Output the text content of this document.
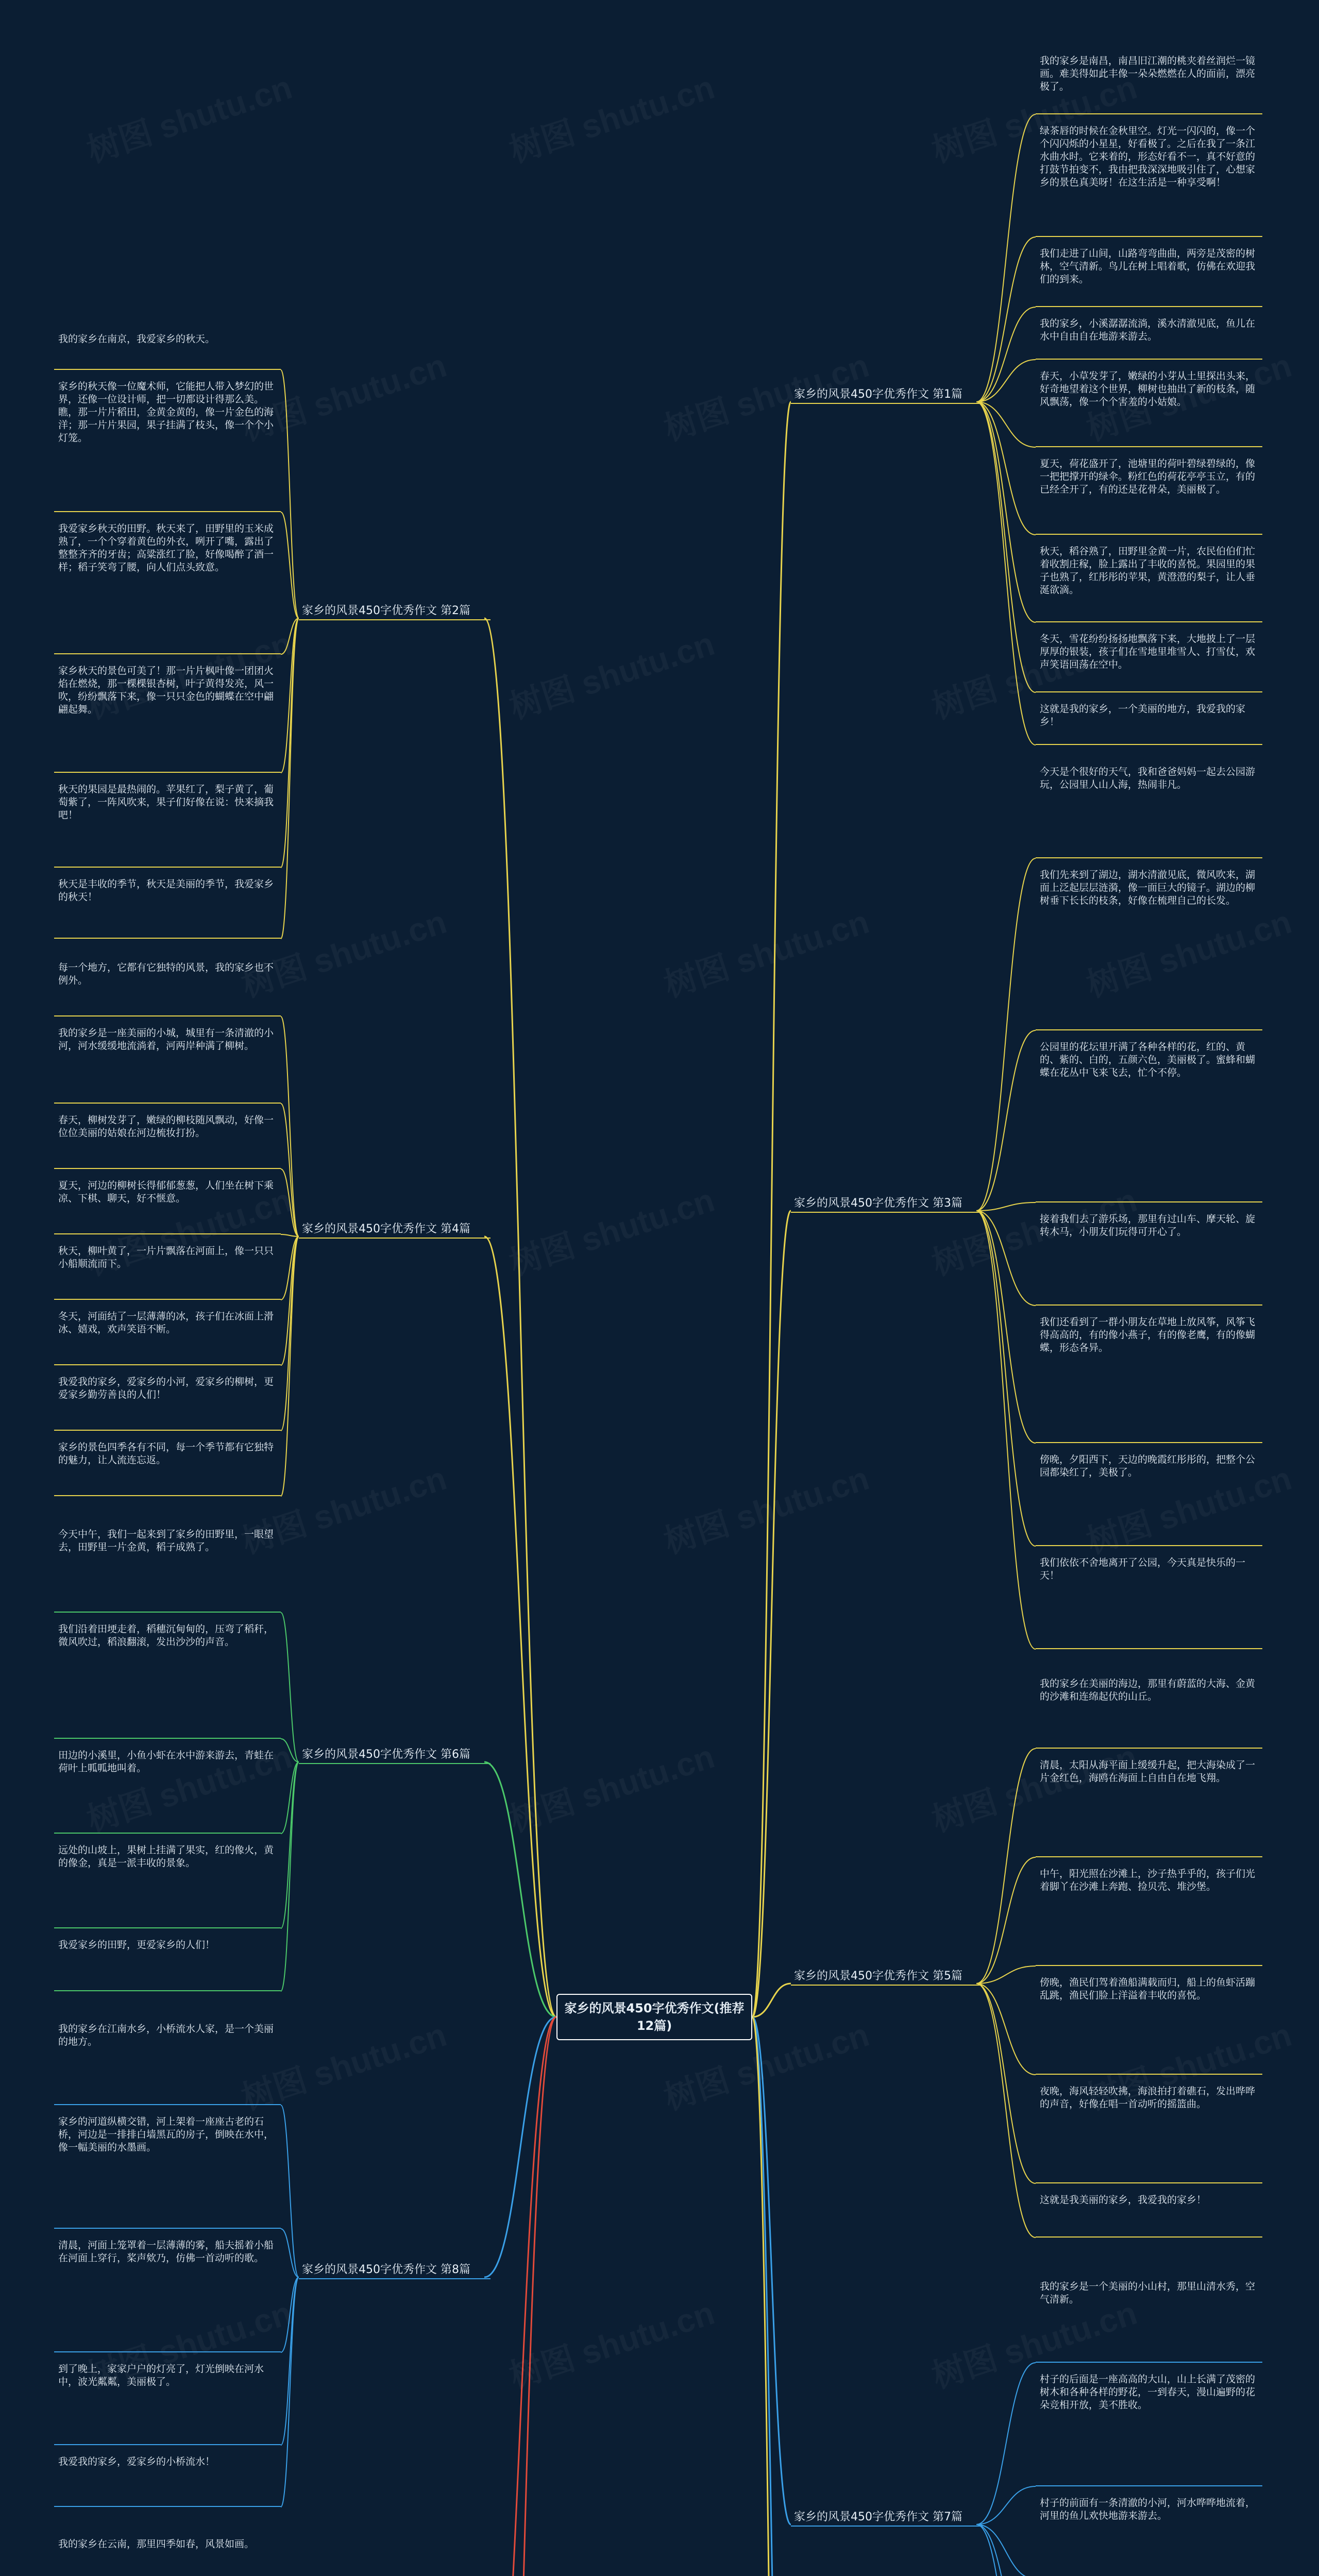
家乡的风景450字优秀作文(推荐12篇)
家乡的风景450字优秀作文 第1篇
我的家乡是南昌，南昌旧江潮的桃夹着丝润烂一镜画。难美得如此丰像一朵朵燃燃在人的面前，漂亮极了。
绿茶唇的时候在金秋里空。灯光一闪闪的，像一个个闪闪烁的小星星，好看极了。之后在我了一条江水曲水时。它来着的，形态好看不一，真不好意的打鼓节拍变不，我由把我深深地吸引住了，心想家乡的景色真美呀！在这生活是一种享受啊！
我们走进了山间，山路弯弯曲曲，两旁是茂密的树林，空气清新。鸟儿在树上唱着歌，仿佛在欢迎我们的到来。
我的家乡，小溪潺潺流淌，溪水清澈见底，鱼儿在水中自由自在地游来游去。
春天，小草发芽了，嫩绿的小芽从土里探出头来，好奇地望着这个世界，柳树也抽出了新的枝条，随风飘荡，像一个个害羞的小姑娘。
夏天，荷花盛开了，池塘里的荷叶碧绿碧绿的，像一把把撑开的绿伞。粉红色的荷花亭亭玉立，有的已经全开了，有的还是花骨朵，美丽极了。
秋天，稻谷熟了，田野里金黄一片，农民伯伯们忙着收割庄稼，脸上露出了丰收的喜悦。果园里的果子也熟了，红彤彤的苹果，黄澄澄的梨子，让人垂涎欲滴。
冬天，雪花纷纷扬扬地飘落下来，大地披上了一层厚厚的银装，孩子们在雪地里堆雪人、打雪仗，欢声笑语回荡在空中。
这就是我的家乡，一个美丽的地方，我爱我的家乡！
家乡的风景450字优秀作文 第2篇
我的家乡在南京，我爱家乡的秋天。
家乡的秋天像一位魔术师，它能把人带入梦幻的世界，还像一位设计师，把一切都设计得那么美。瞧，那一片片稻田，金黄金黄的，像一片金色的海洋；那一片片果园，果子挂满了枝头，像一个个小灯笼。
我爱家乡秋天的田野。秋天来了，田野里的玉米成熟了，一个个穿着黄色的外衣，咧开了嘴，露出了整整齐齐的牙齿；高粱涨红了脸，好像喝醉了酒一样；稻子笑弯了腰，向人们点头致意。
家乡秋天的景色可美了！那一片片枫叶像一团团火焰在燃烧，那一棵棵银杏树，叶子黄得发亮，风一吹，纷纷飘落下来，像一只只金色的蝴蝶在空中翩翩起舞。
秋天的果园是最热闹的。苹果红了，梨子黄了，葡萄紫了，一阵风吹来，果子们好像在说：快来摘我吧！
秋天是丰收的季节，秋天是美丽的季节，我爱家乡的秋天！
家乡的风景450字优秀作文 第3篇
今天是个很好的天气，我和爸爸妈妈一起去公园游玩，公园里人山人海，热闹非凡。
我们先来到了湖边，湖水清澈见底，微风吹来，湖面上泛起层层涟漪，像一面巨大的镜子。湖边的柳树垂下长长的枝条，好像在梳理自己的长发。
公园里的花坛里开满了各种各样的花，红的、黄的、紫的、白的，五颜六色，美丽极了。蜜蜂和蝴蝶在花丛中飞来飞去，忙个不停。
接着我们去了游乐场，那里有过山车、摩天轮、旋转木马，小朋友们玩得可开心了。
我们还看到了一群小朋友在草地上放风筝，风筝飞得高高的，有的像小燕子，有的像老鹰，有的像蝴蝶，形态各异。
傍晚，夕阳西下，天边的晚霞红彤彤的，把整个公园都染红了，美极了。
我们依依不舍地离开了公园，今天真是快乐的一天！
家乡的风景450字优秀作文 第4篇
每一个地方，它都有它独特的风景，我的家乡也不例外。
我的家乡是一座美丽的小城，城里有一条清澈的小河，河水缓缓地流淌着，河两岸种满了柳树。
春天，柳树发芽了，嫩绿的柳枝随风飘动，好像一位位美丽的姑娘在河边梳妆打扮。
夏天，河边的柳树长得郁郁葱葱，人们坐在树下乘凉、下棋、聊天，好不惬意。
秋天，柳叶黄了，一片片飘落在河面上，像一只只小船顺流而下。
冬天，河面结了一层薄薄的冰，孩子们在冰面上滑冰、嬉戏，欢声笑语不断。
我爱我的家乡，爱家乡的小河，爱家乡的柳树，更爱家乡勤劳善良的人们！
家乡的景色四季各有不同，每一个季节都有它独特的魅力，让人流连忘返。
家乡的风景450字优秀作文 第5篇
我的家乡在美丽的海边，那里有蔚蓝的大海、金黄的沙滩和连绵起伏的山丘。
清晨，太阳从海平面上缓缓升起，把大海染成了一片金红色，海鸥在海面上自由自在地飞翔。
中午，阳光照在沙滩上，沙子热乎乎的，孩子们光着脚丫在沙滩上奔跑、捡贝壳、堆沙堡。
傍晚，渔民们驾着渔船满载而归，船上的鱼虾活蹦乱跳，渔民们脸上洋溢着丰收的喜悦。
夜晚，海风轻轻吹拂，海浪拍打着礁石，发出哗哗的声音，好像在唱一首动听的摇篮曲。
这就是我美丽的家乡，我爱我的家乡！
家乡的风景450字优秀作文 第6篇
今天中午，我们一起来到了家乡的田野里，一眼望去，田野里一片金黄，稻子成熟了。
我们沿着田埂走着，稻穗沉甸甸的，压弯了稻秆，微风吹过，稻浪翻滚，发出沙沙的声音。
田边的小溪里，小鱼小虾在水中游来游去，青蛙在荷叶上呱呱地叫着。
远处的山坡上，果树上挂满了果实，红的像火，黄的像金，真是一派丰收的景象。
我爱家乡的田野，更爱家乡的人们！
家乡的风景450字优秀作文 第7篇
我的家乡是一个美丽的小山村，那里山清水秀，空气清新。
村子的后面是一座高高的大山，山上长满了茂密的树木和各种各样的野花，一到春天，漫山遍野的花朵竞相开放，美不胜收。
村子的前面有一条清澈的小河，河水哗哗地流着，河里的鱼儿欢快地游来游去。
家乡的风景450字优秀作文 第8篇
我的家乡在江南水乡，小桥流水人家，是一个美丽的地方。
家乡的河道纵横交错，河上架着一座座古老的石桥，河边是一排排白墙黑瓦的房子，倒映在水中，像一幅美丽的水墨画。
清晨，河面上笼罩着一层薄薄的雾，船夫摇着小船在河面上穿行，桨声欸乃，仿佛一首动听的歌。
到了晚上，家家户户的灯亮了，灯光倒映在河水中，波光粼粼，美丽极了。
我爱我的家乡，爱家乡的小桥流水！
我的家乡在云南，那里四季如春，风景如画。
